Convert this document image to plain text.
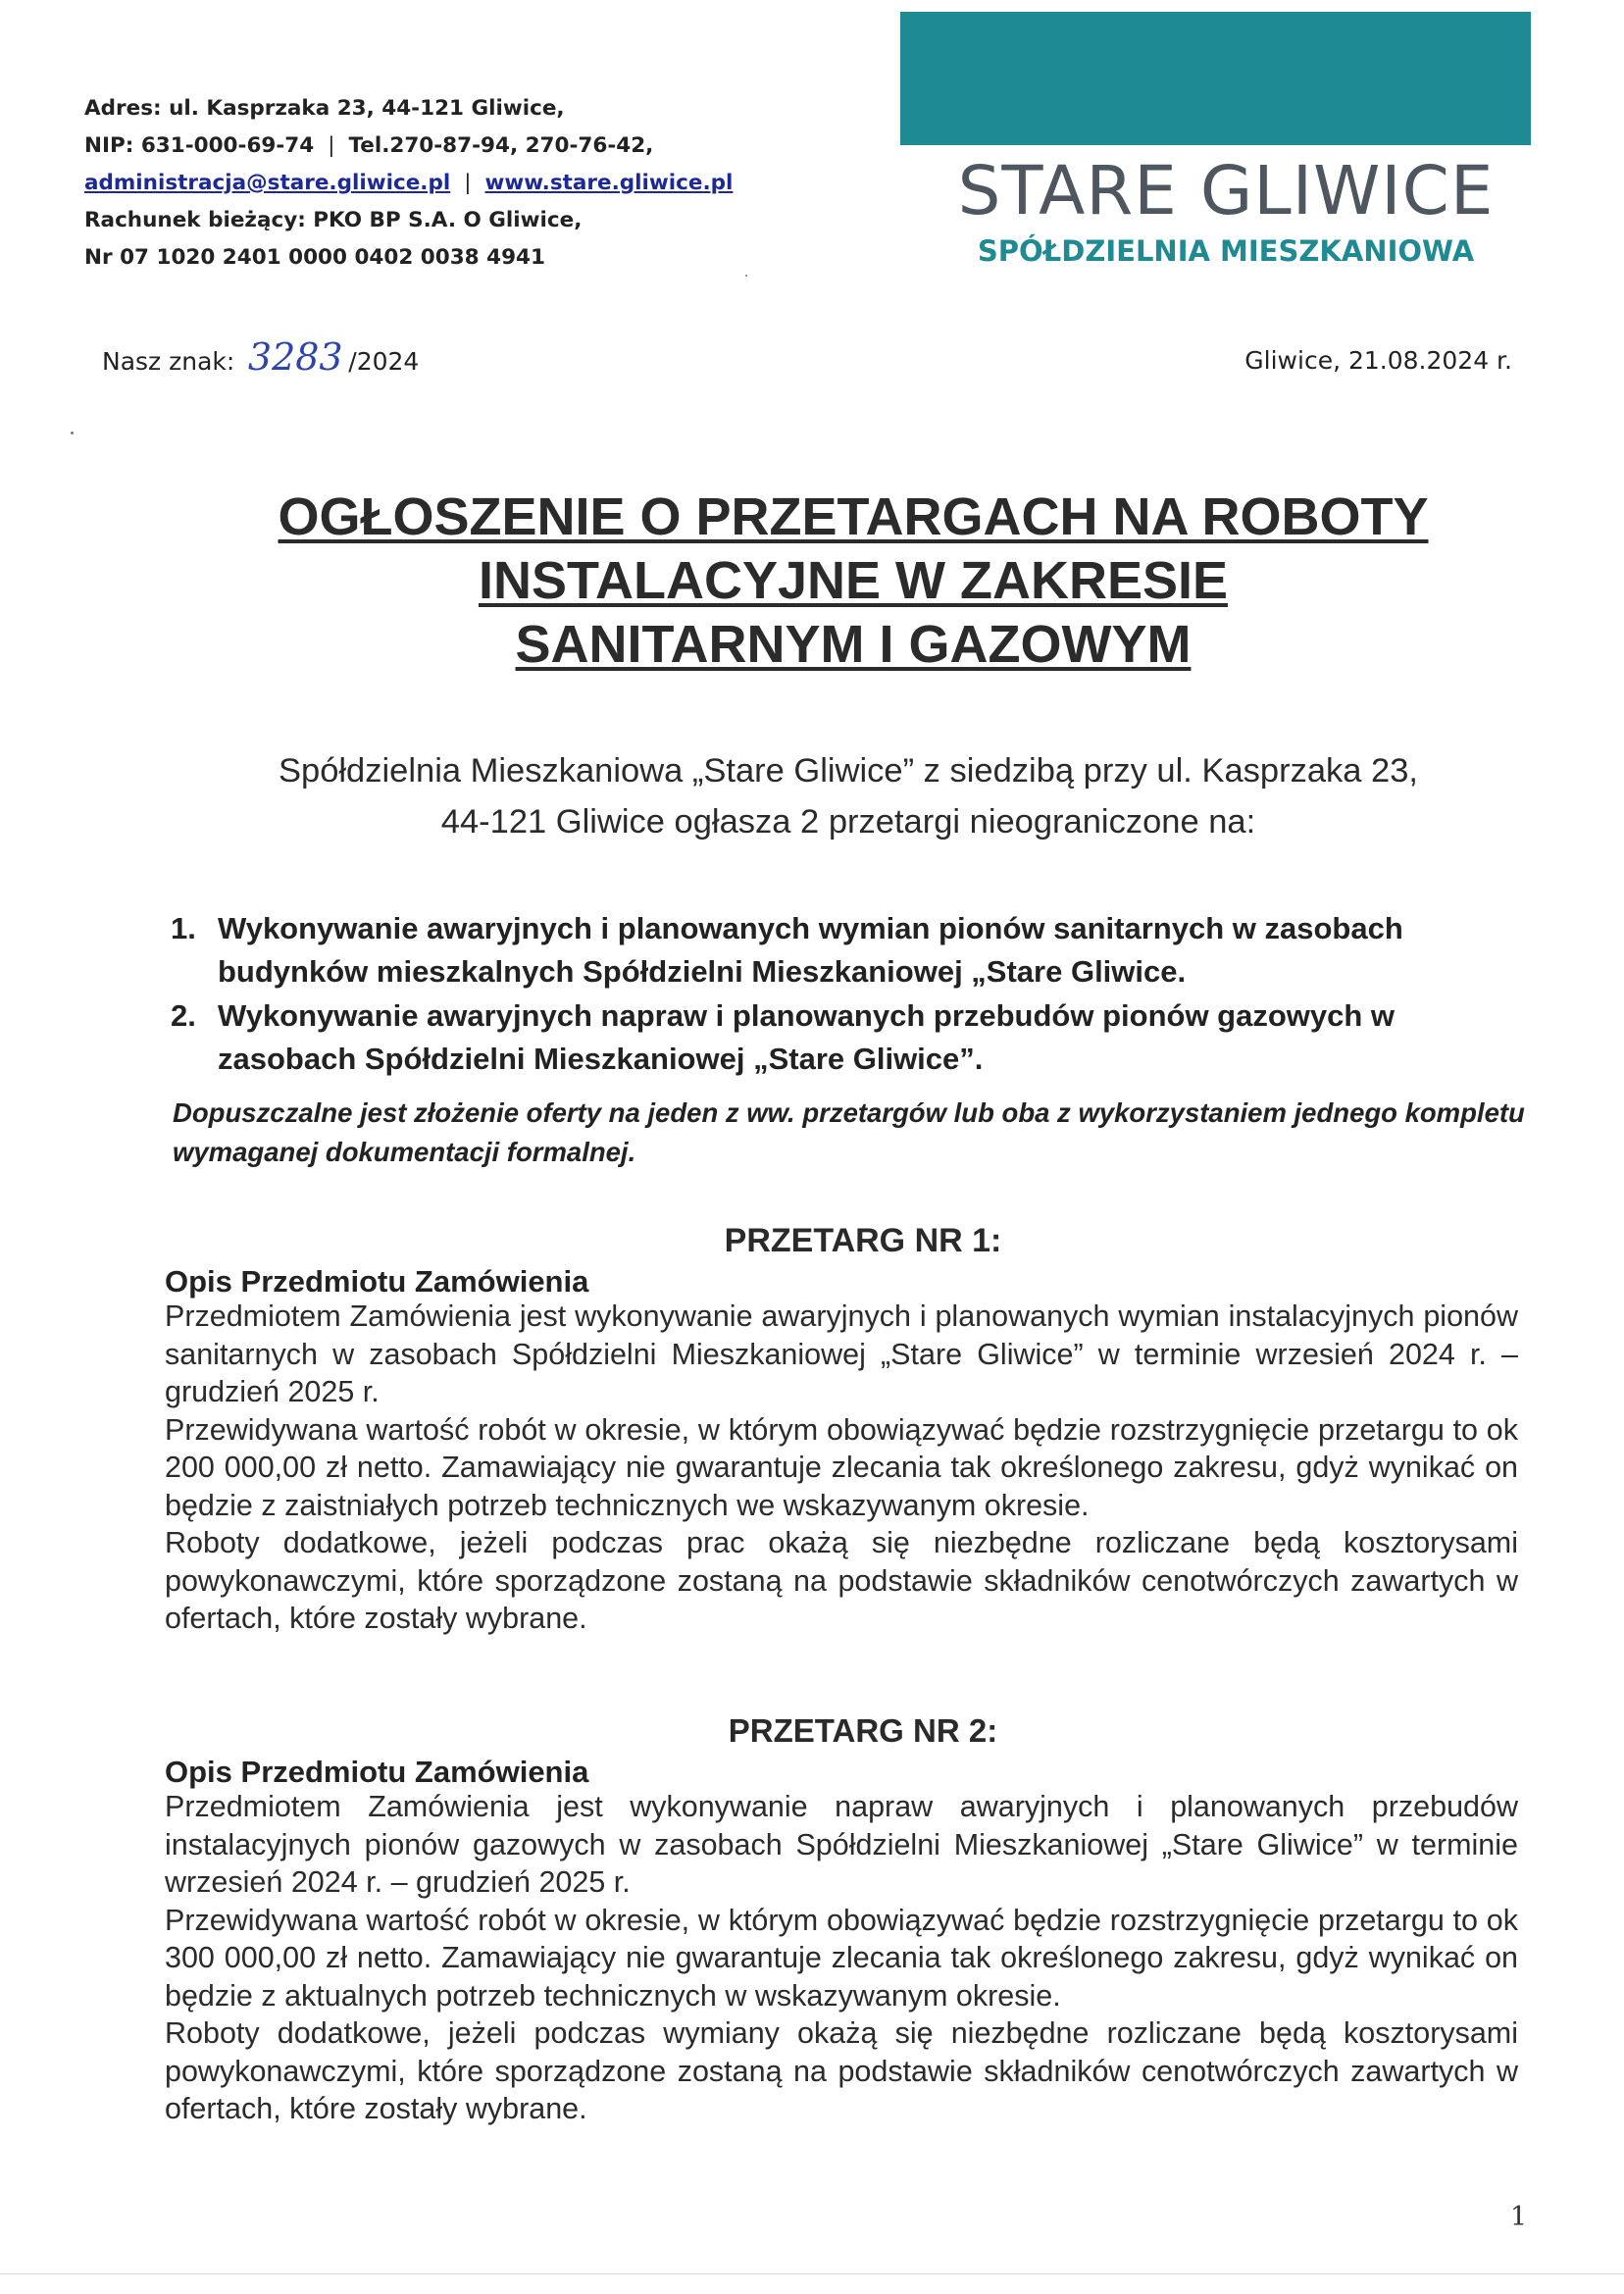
Adres: ul. Kasprzaka 23, 44-121 Gliwice,
NIP: 631-000-69-74 | Tel.270-87-94, 270-76-42,
administracja@stare.gliwice.pl | www.stare.gliwice.pl
Rachunek bieżący: PKO BP S.A. O Gliwice,
Nr 07 1020 2401 0000 0402 0038 4941
STARE GLIWICE
SPÓŁDZIELNIA MIESZKANIOWA
Nasz znak: 3283 /2024	Gliwice, 21.08.2024 r.
OGŁOSZENIE O PRZETARGACH NA ROBOTY
INSTALACYJNE W ZAKRESIE
SANITARNYM I GAZOWYM
Spółdzielnia Mieszkaniowa „Stare Gliwice” z siedzibą przy ul. Kasprzaka 23,
44-121 Gliwice ogłasza 2 przetargi nieograniczone na:
1. Wykonywanie awaryjnych i planowanych wymian pionów sanitarnych w zasobach budynków mieszkalnych Spółdzielni Mieszkaniowej „Stare Gliwice.
2. Wykonywanie awaryjnych napraw i planowanych przebudów pionów gazowych w zasobach Spółdzielni Mieszkaniowej „Stare Gliwice”.
Dopuszczalne jest złożenie oferty na jeden z ww. przetargów lub oba z wykorzystaniem jednego kompletu wymaganej dokumentacji formalnej.
PRZETARG NR 1:
Opis Przedmiotu Zamówienia

Przedmiotem Zamówienia jest wykonywanie awaryjnych i planowanych wymian instalacyjnych pionów sanitarnych w zasobach Spółdzielni Mieszkaniowej „Stare Gliwice” w terminie wrzesień 2024 r. – grudzień 2025 r.

Przewidywana wartość robót w okresie, w którym obowiązywać będzie rozstrzygnięcie przetargu to ok 200 000,00 zł netto. Zamawiający nie gwarantuje zlecania tak określonego zakresu, gdyż wynikać on będzie z zaistniałych potrzeb technicznych we wskazywanym okresie.

Roboty dodatkowe, jeżeli podczas prac okażą się niezbędne rozliczane będą kosztorysami powykonawczymi, które sporządzone zostaną na podstawie składników cenotwórczych zawartych w ofertach, które zostały wybrane.

PRZETARG NR 2:
Opis Przedmiotu Zamówienia

Przedmiotem Zamówienia jest wykonywanie napraw awaryjnych i planowanych przebudów instalacyjnych pionów gazowych w zasobach Spółdzielni Mieszkaniowej „Stare Gliwice” w terminie wrzesień 2024 r. – grudzień 2025 r.

Przewidywana wartość robót w okresie, w którym obowiązywać będzie rozstrzygnięcie przetargu to ok 300 000,00 zł netto. Zamawiający nie gwarantuje zlecania tak określonego zakresu, gdyż wynikać on będzie z aktualnych potrzeb technicznych w wskazywanym okresie.

Roboty dodatkowe, jeżeli podczas wymiany okażą się niezbędne rozliczane będą kosztorysami powykonawczymi, które sporządzone zostaną na podstawie składników cenotwórczych zawartych w ofertach, które zostały wybrane.

1
